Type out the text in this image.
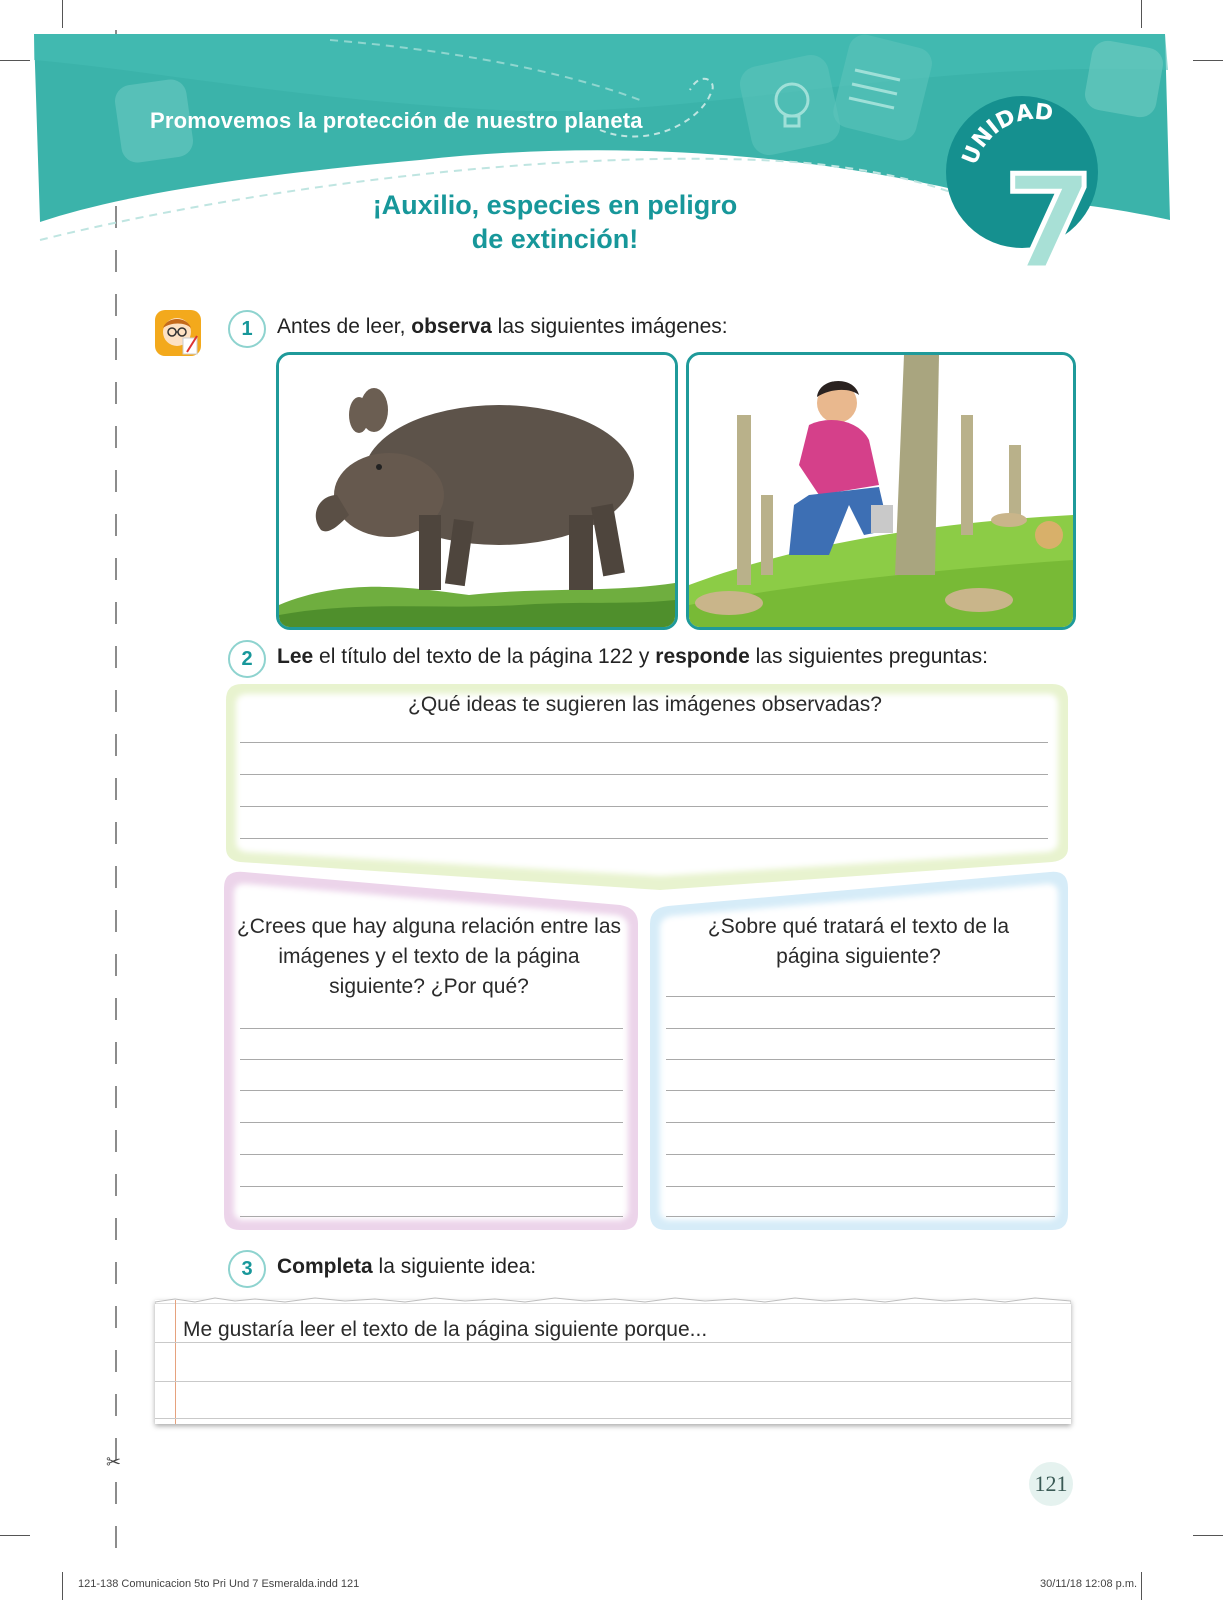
✂
Promovemos la protección de nuestro planeta
UNIDAD
7
¡Auxilio, especies en peligro
de extinción!
1	Antes de leer, observa las siguientes imágenes:
2	Lee el título del texto de la página 122 y responde las siguientes preguntas:
¿Qué ideas te sugieren las imágenes observadas?
¿Crees que hay alguna relación entre las imágenes y el texto de la página siguiente? ¿Por qué?
¿Sobre qué tratará el texto de la página siguiente?
3	Completa la siguiente idea:
Me gustaría leer el texto de la página siguiente porque...
121
121-138 Comunicacion 5to Pri Und 7 Esmeralda.indd 121	30/11/18 12:08 p.m.
